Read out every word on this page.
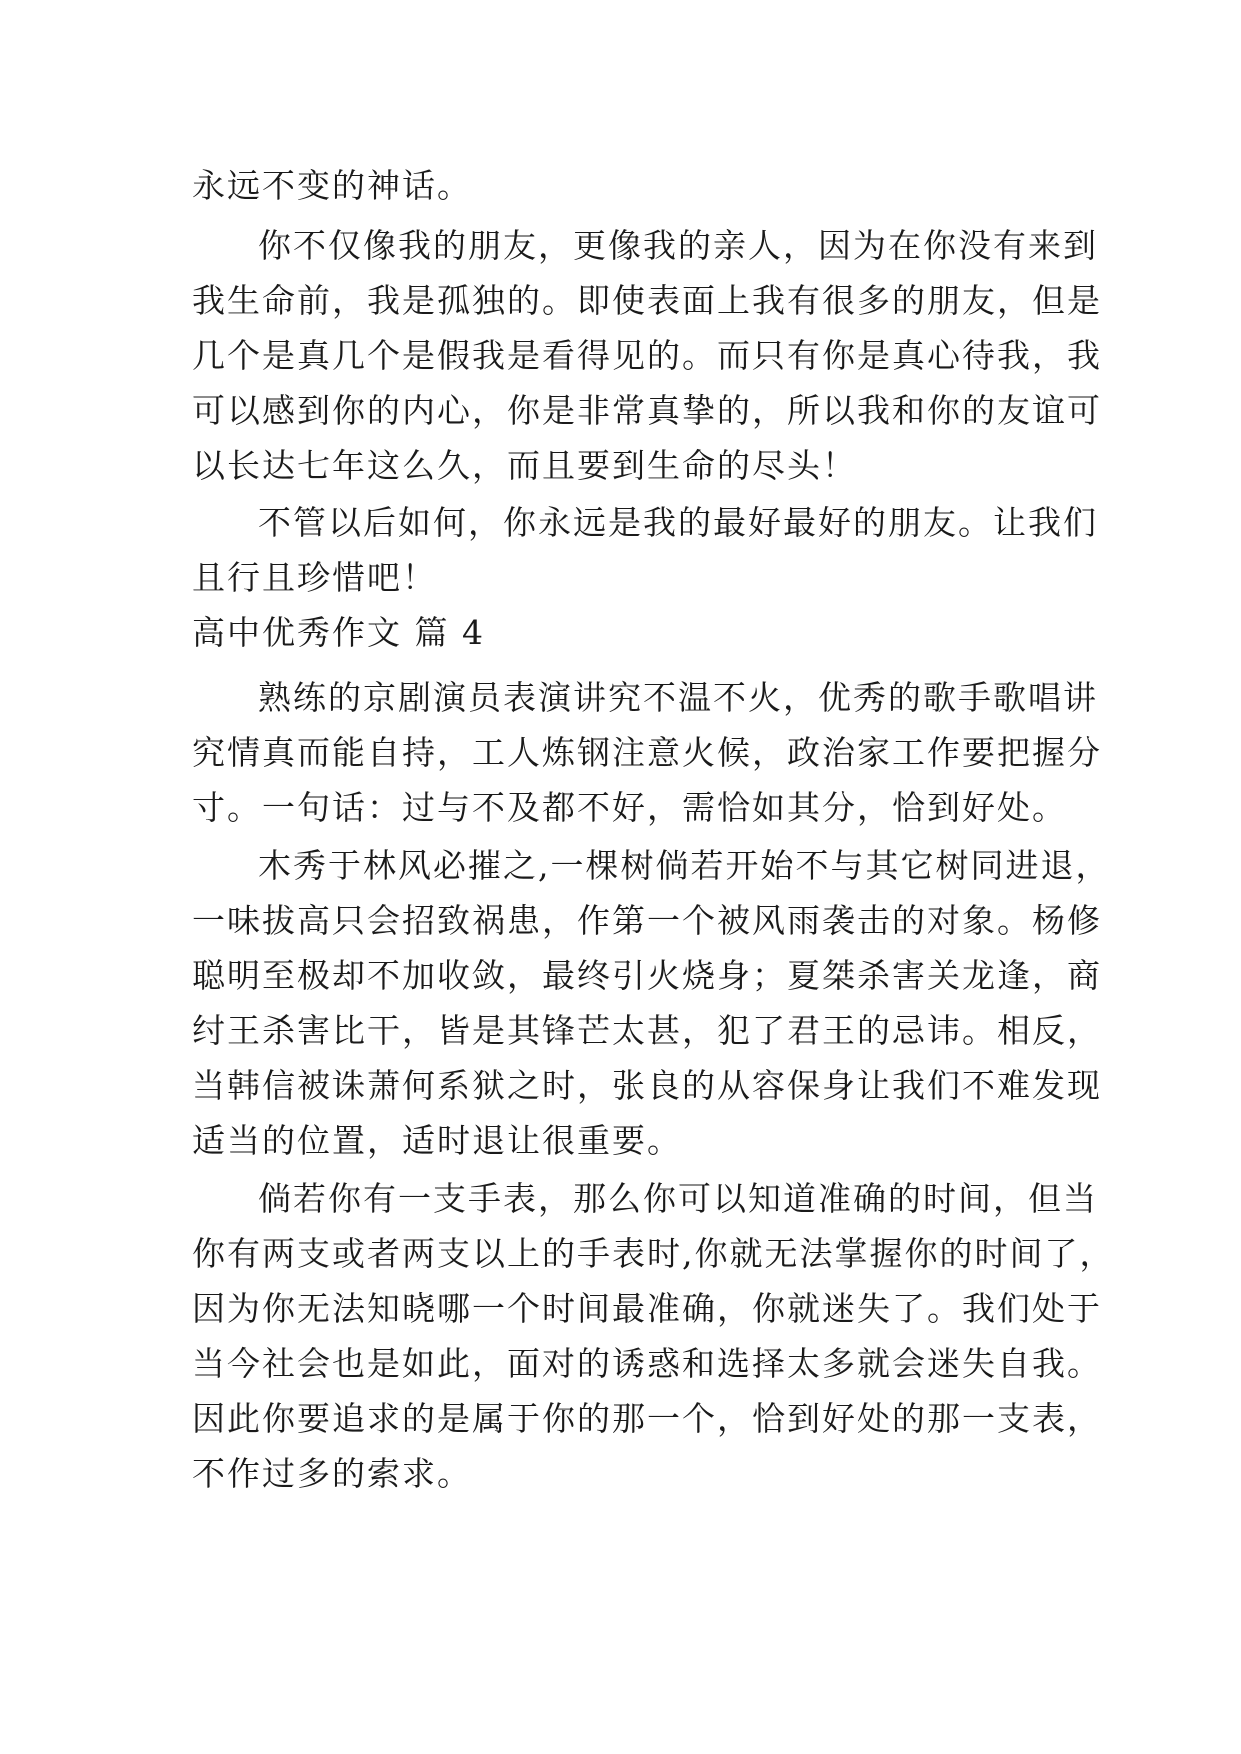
永远不变的神话。
你不仅像我的朋友，更像我的亲人，因为在你没有来到
我生命前，我是孤独的。即使表面上我有很多的朋友，但是
几个是真几个是假我是看得见的。而只有你是真心待我，我
可以感到你的内心，你是非常真挚的，所以我和你的友谊可
以长达七年这么久，而且要到生命的尽头！
不管以后如何，你永远是我的最好最好的朋友。让我们
且行且珍惜吧！
高中优秀作文 篇 4
熟练的京剧演员表演讲究不温不火，优秀的歌手歌唱讲
究情真而能自持，工人炼钢注意火候，政治家工作要把握分
寸。一句话：过与不及都不好，需恰如其分，恰到好处。
木秀于林风必摧之,一棵树倘若开始不与其它树同进退，
一味拔高只会招致祸患，作第一个被风雨袭击的对象。杨修
聪明至极却不加收敛，最终引火烧身；夏桀杀害关龙逢，商
纣王杀害比干，皆是其锋芒太甚，犯了君王的忌讳。相反，
当韩信被诛萧何系狱之时，张良的从容保身让我们不难发现
适当的位置，适时退让很重要。
倘若你有一支手表，那么你可以知道准确的时间，但当
你有两支或者两支以上的手表时,你就无法掌握你的时间了，
因为你无法知晓哪一个时间最准确，你就迷失了。我们处于
当今社会也是如此，面对的诱惑和选择太多就会迷失自我。
因此你要追求的是属于你的那一个，恰到好处的那一支表，
不作过多的索求。
